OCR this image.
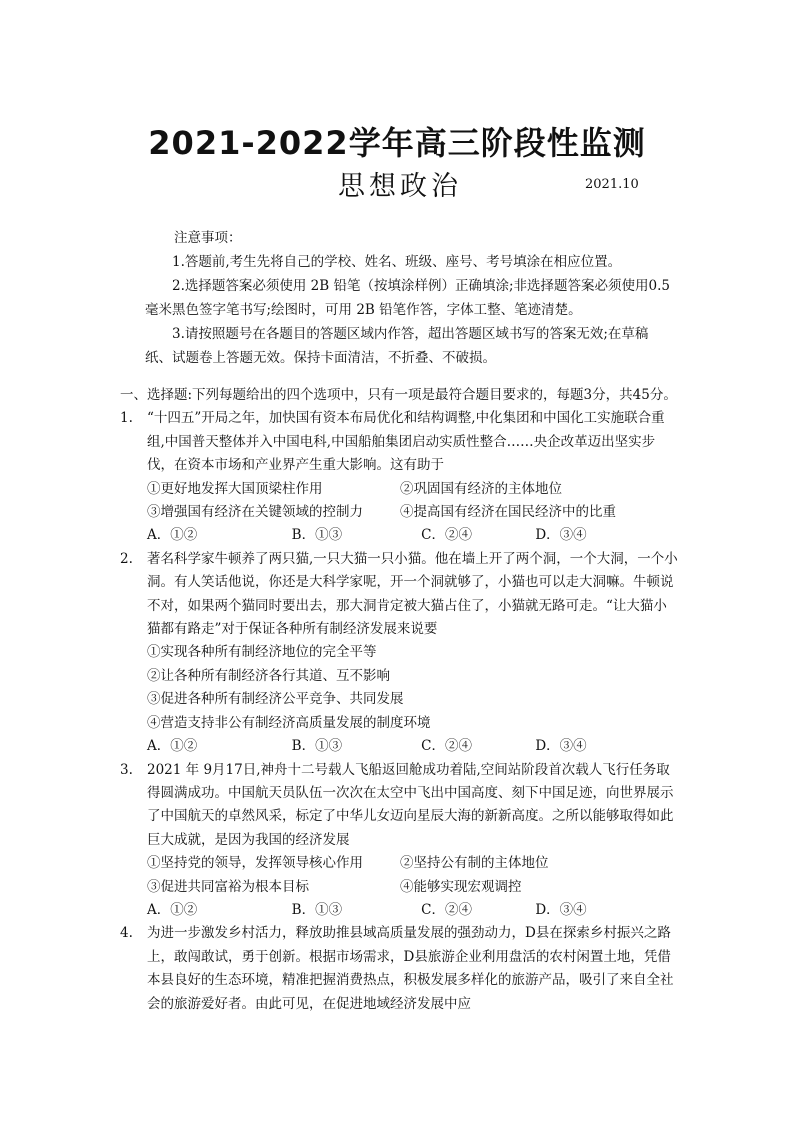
2021-2022学年高三阶段性监测
思想政治	2021.10
注意事项：
1.答题前,考生先将自己的学校、姓名、班级、座号、考号填涂在相应位置。
2.选择题答案必须使用 2B 铅笔（按填涂样例）正确填涂;非选择题答案必须使用0.5毫米黑色签字笔书写;绘图时，可用 2B 铅笔作答，字体工整、笔迹清楚。
3.请按照题号在各题目的答题区域内作答，超出答题区域书写的答案无效;在草稿纸、试题卷上答题无效。保持卡面清洁，不折叠、不破损。

一、选择题:下列每题给出的四个选项中，只有一项是最符合题目要求的，每题3分，共45分。

1. “十四五”开局之年，加快国有资本布局优化和结构调整,中化集团和中国化工实施联合重组,中国普天整体并入中国电科,中国船舶集团启动实质性整合……央企改革迈出坚实步伐，在资本市场和产业界产生重大影响。这有助于
①更好地发挥大国顶梁柱作用	②巩固国有经济的主体地位
③增强国有经济在关键领域的控制力	④提高国有经济在国民经济中的比重
A．①②	B．①③	C．②④	D．③④
2. 著名科学家牛顿养了两只猫,一只大猫一只小猫。他在墙上开了两个洞，一个大洞，一个小洞。有人笑话他说，你还是大科学家呢，开一个洞就够了，小猫也可以走大洞嘛。牛顿说不对，如果两个猫同时要出去，那大洞肯定被大猫占住了，小猫就无路可走。“让大猫小猫都有路走”对于保证各种所有制经济发展来说要
①实现各种所有制经济地位的完全平等
②让各种所有制经济各行其道、互不影响
③促进各种所有制经济公平竞争、共同发展
④营造支持非公有制经济高质量发展的制度环境
A．①②	B．①③	C．②④	D．③④
3. 2021 年 9月17日,神舟十二号载人飞船返回舱成功着陆,空间站阶段首次载人飞行任务取得圆满成功。中国航天员队伍一次次在太空中飞出中国高度、刻下中国足迹，向世界展示了中国航天的卓然风采，标定了中华儿女迈向星辰大海的新新高度。之所以能够取得如此巨大成就，是因为我国的经济发展
①坚持党的领导，发挥领导核心作用	②坚持公有制的主体地位
③促进共同富裕为根本目标	④能够实现宏观调控
A．①②	B．①③	C．②④	D．③④
4. 为进一步激发乡村活力，释放助推县域高质量发展的强劲动力，D县在探索乡村振兴之路上，敢闯敢试，勇于创新。根据市场需求，D县旅游企业利用盘活的农村闲置土地，凭借本县良好的生态环境，精准把握消费热点，积极发展多样化的旅游产品，吸引了来自全社会的旅游爱好者。由此可见，在促进地域经济发展中应
